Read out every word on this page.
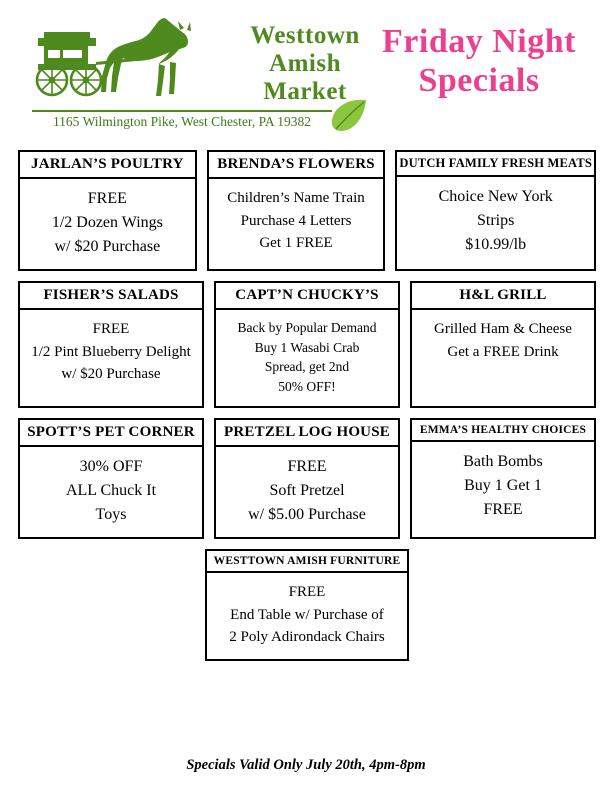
Westtown
Amish
Market
1165 Wilmington Pike, West Chester, PA 19382
Friday Night
Specials
JARLAN’S POULTRY
FREE
1/2 Dozen Wings
w/ $20 Purchase
BRENDA’S FLOWERS
Children’s Name Train
Purchase 4 Letters
Get 1 FREE
DUTCH FAMILY FRESH MEATS
Choice New York
Strips
$10.99/lb
FISHER’S SALADS
FREE
1/2 Pint Blueberry Delight
w/ $20 Purchase
CAPT’N CHUCKY’S
Back by Popular Demand
Buy 1 Wasabi Crab
Spread, get 2nd
50% OFF!
H&L GRILL
Grilled Ham & Cheese
Get a FREE Drink
SPOTT’S PET CORNER
30% OFF
ALL Chuck It
Toys
PRETZEL LOG HOUSE
FREE
Soft Pretzel
w/ $5.00 Purchase
EMMA’S HEALTHY CHOICES
Bath Bombs
Buy 1 Get 1
FREE
WESTTOWN AMISH FURNITURE
FREE
End Table w/ Purchase of
2 Poly Adirondack Chairs
Specials Valid Only July 20th, 4pm-8pm
